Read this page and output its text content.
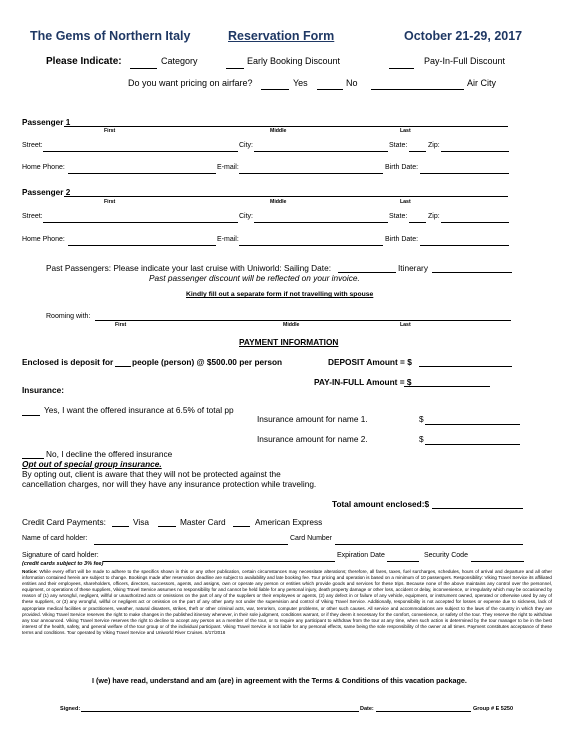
The Gems of Northern Italy	Reservation Form	October 21-29, 2017
Please Indicate:	Category	Early Booking Discount	Pay-In-Full Discount
Do you want pricing on airfare?	Yes	No	Air City
Passenger 1
First	Middle	Last
Street:	City:	State:	Zip:
Home Phone:	E-mail:	Birth Date:
Passenger 2
First	Middle	Last
Street:	City:	State:	Zip:
Home Phone:	E-mail:	Birth Date:
Past Passengers: Please indicate your last cruise with Uniworld: Sailing Date:	Itinerary
Past passenger discount will be reflected on your invoice.
Kindly fill out a separate form if not travelling with spouse
Rooming with:
First	Middle	Last
PAYMENT INFORMATION
Enclosed is deposit for people (person) @ $500.00 per person	DEPOSIT Amount = $
PAY-IN-FULL Amount = $
Insurance:
Yes, I want the offered insurance at 6.5% of total pp
Insurance amount for name 1.	$
Insurance amount for name 2.	$
No, I decline the offered insurance
Opt out of special group insurance.
By opting out, client is aware that they will not be protected against the
cancellation charges, nor will they have any insurance protection while traveling.
Total amount enclosed:$
Credit Card Payments:	Visa	Master Card	American Express
Name of card holder:	Card Number
Signature of card holder:	Expiration Date	Security Code
(credit cards subject to 3% fee)
Notice: While every effort will be made to adhere to the specifics shown in this or any other publication, certain circumstances may necessitate alterations; therefore, all fares, taxes, fuel surcharges, schedules, hours of arrival and departure and all other information contained herein are subject to change. Bookings made after reservation deadline are subject to availability and late booking fee. Tour pricing and operation is based on a minimum of 10 passengers. Responsibility: Viking Travel Service its affiliated entities and their employees, shareholders, officers, directors, successors, agents, and assigns, own or operate any person or entities which provide goods and services for these trips. Because none of the above maintains any control over the personnel, equipment, or operations of these suppliers, Viking Travel Service assumes no responsibility for and cannot be held liable for any personal injury, death property damage or other loss, accident or delay, inconvenience, or irregularity which may be occasioned by reason of (1) any wrongful, negligent, willful or unauthorized acts or omissions on the part of any of the suppliers or their employees or agents, (2) any defect in or failure of any vehicle, equipment, or instrument owned, operated or otherwise used by any of these suppliers, or (3) any wrongful, willful or negligent act or omission on the part of any other party not under the supervision and control of Viking Travel Service. Additionally, responsibility is not accepted for losses or expense due to sickness, lack of appropriate medical facilities or practitioners, weather, natural disasters, strikes, theft or other criminal acts, war, terrorism, computer problems, or other such causes. All service and accommodations are subject to the laws of the country in which they are provided. Viking Travel Service reserves the right to make changes in the published itinerary whenever, in their sole judgment, conditions warrant, or if they deem it necessary for the comfort, convenience, or safety of the tour. They reserve the right to withdraw any tour announced. Viking Travel Service reserves the right to decline to accept any person as a member of the tour, or to require any participant to withdraw from the tour at any time, when such action is determined by the tour manager to be in the best interest of the health, safety, and general welfare of the tour group or of the individual participant. Viking Travel Service is not liable for any personal effects, same being the sole responsibility of the owner at all times. Payment constitutes acceptance of these terms and conditions. Tour operated by Viking Travel Service and Uniworld River Cruises. 5/17/2016
I (we) have read, understand and am (are) in agreement with the Terms & Conditions of this vacation package.
Signed:	Date:	Group # E 5250
